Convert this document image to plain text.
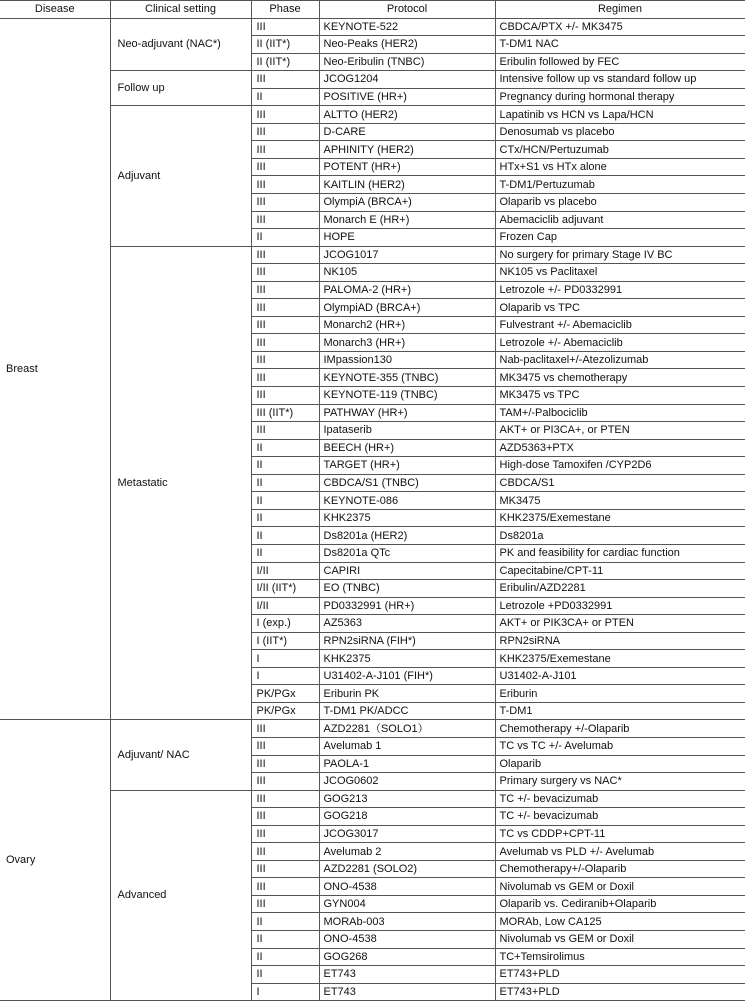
Disease	Clinical setting	Phase	Protocol	Regimen
Breast	Neo-adjuvant (NAC*)	III	KEYNOTE-522	CBDCA/PTX +/- MK3475
		II (IIT*)	Neo-Peaks (HER2)	T-DM1 NAC
		II (IIT*)	Neo-Eribulin (TNBC)	Eribulin followed by FEC
	Follow up	III	JCOG1204	Intensive follow up vs standard follow up
		II	POSITIVE (HR+)	Pregnancy during hormonal therapy
	Adjuvant	III	ALTTO (HER2)	Lapatinib vs HCN vs Lapa/HCN
		III	D-CARE	Denosumab vs placebo
		III	APHINITY (HER2)	CTx/HCN/Pertuzumab
		III	POTENT (HR+)	HTx+S1 vs HTx alone
		III	KAITLIN (HER2)	T-DM1/Pertuzumab
		III	OlympiA (BRCA+)	Olaparib vs placebo
		III	Monarch E (HR+)	Abemaciclib adjuvant
		II	HOPE	Frozen Cap
	Metastatic	III	JCOG1017	No surgery for primary Stage IV BC
		III	NK105	NK105 vs Paclitaxel
		III	PALOMA-2 (HR+)	Letrozole +/- PD0332991
		III	OlympiAD (BRCA+)	Olaparib vs TPC
		III	Monarch2 (HR+)	Fulvestrant +/- Abemaciclib
		III	Monarch3 (HR+)	Letrozole +/- Abemaciclib
		III	IMpassion130	Nab-paclitaxel+/-Atezolizumab
		III	KEYNOTE-355 (TNBC)	MK3475 vs chemotherapy
		III	KEYNOTE-119 (TNBC)	MK3475 vs TPC
		III (IIT*)	PATHWAY (HR+)	TAM+/-Palbociclib
		III	Ipataserib	AKT+ or PI3CA+, or PTEN
		II	BEECH (HR+)	AZD5363+PTX
		II	TARGET (HR+)	High-dose Tamoxifen /CYP2D6
		II	CBDCA/S1 (TNBC)	CBDCA/S1
		II	KEYNOTE-086	MK3475
		II	KHK2375	KHK2375/Exemestane
		II	Ds8201a (HER2)	Ds8201a
		II	Ds8201a QTc	PK and feasibility for cardiac function
		I/II	CAPIRI	Capecitabine/CPT-11
		I/II (IIT*)	EO (TNBC)	Eribulin/AZD2281
		I/II	PD0332991 (HR+)	Letrozole +PD0332991
		I (exp.)	AZ5363	AKT+ or PIK3CA+ or PTEN
		I (IIT*)	RPN2siRNA (FIH*)	RPN2siRNA
		I	KHK2375	KHK2375/Exemestane
		I	U31402-A-J101 (FIH*)	U31402-A-J101
		PK/PGx	Eriburin PK	Eriburin
		PK/PGx	T-DM1 PK/ADCC	T-DM1
Ovary	Adjuvant/ NAC	III	AZD2281（SOLO1）	Chemotherapy +/-Olaparib
		III	Avelumab 1	TC vs TC +/- Avelumab
		III	PAOLA-1	Olaparib
		III	JCOG0602	Primary surgery vs NAC*
	Advanced	III	GOG213	TC +/- bevacizumab
		III	GOG218	TC +/- bevacizumab
		III	JCOG3017	TC vs CDDP+CPT-11
		III	Avelumab 2	Avelumab vs PLD +/- Avelumab
		III	AZD2281 (SOLO2)	Chemotherapy+/-Olaparib
		III	ONO-4538	Nivolumab vs GEM or Doxil
		III	GYN004	Olaparib vs. Cediranib+Olaparib
		II	MORAb-003	MORAb, Low CA125
		II	ONO-4538	Nivolumab vs GEM or Doxil
		II	GOG268	TC+Temsirolimus
		II	ET743	ET743+PLD
		I	ET743	ET743+PLD
